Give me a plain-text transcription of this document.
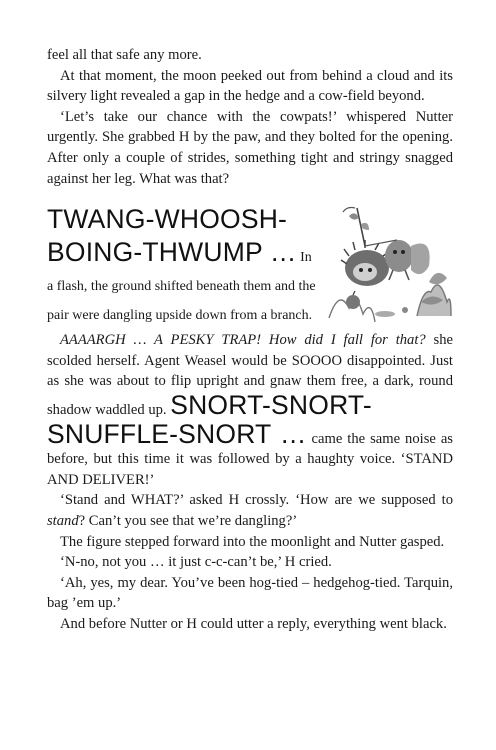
feel all that safe any more.

At that moment, the moon peeked out from behind a cloud and its silvery light revealed a gap in the hedge and a cow-field beyond.

‘Let’s take our chance with the cowpats!’ whispered Nutter urgently. She grabbed H by the paw, and they bolted for the opening. After only a couple of strides, something tight and stringy snagged against her leg. What was that?

TWANG-WHOOSH-
BOING-THWUMP … In a flash, the ground shifted beneath them and the pair were dangling upside down from a branch.

AAAARGH … A PESKY TRAP! How did I fall for that? she scolded herself. Agent Weasel would be SOOOO disappointed. Just as she was about to flip upright and gnaw them free, a dark, round shadow waddled up. SNORT-SNORT-
SNUFFLE-SNORT … came the same noise as before, but this time it was followed by a haughty voice. ‘STAND AND DELIVER!’

‘Stand and WHAT?’ asked H crossly. ‘How are we supposed to stand? Can’t you see that we’re dangling?’

The figure stepped forward into the moonlight and Nutter gasped.

‘N-no, not you … it just c-c-can’t be,’ H cried.

‘Ah, yes, my dear. You’ve been hog-tied – hedgehog-tied. Tarquin, bag ’em up.’

And before Nutter or H could utter a reply, everything went black.
